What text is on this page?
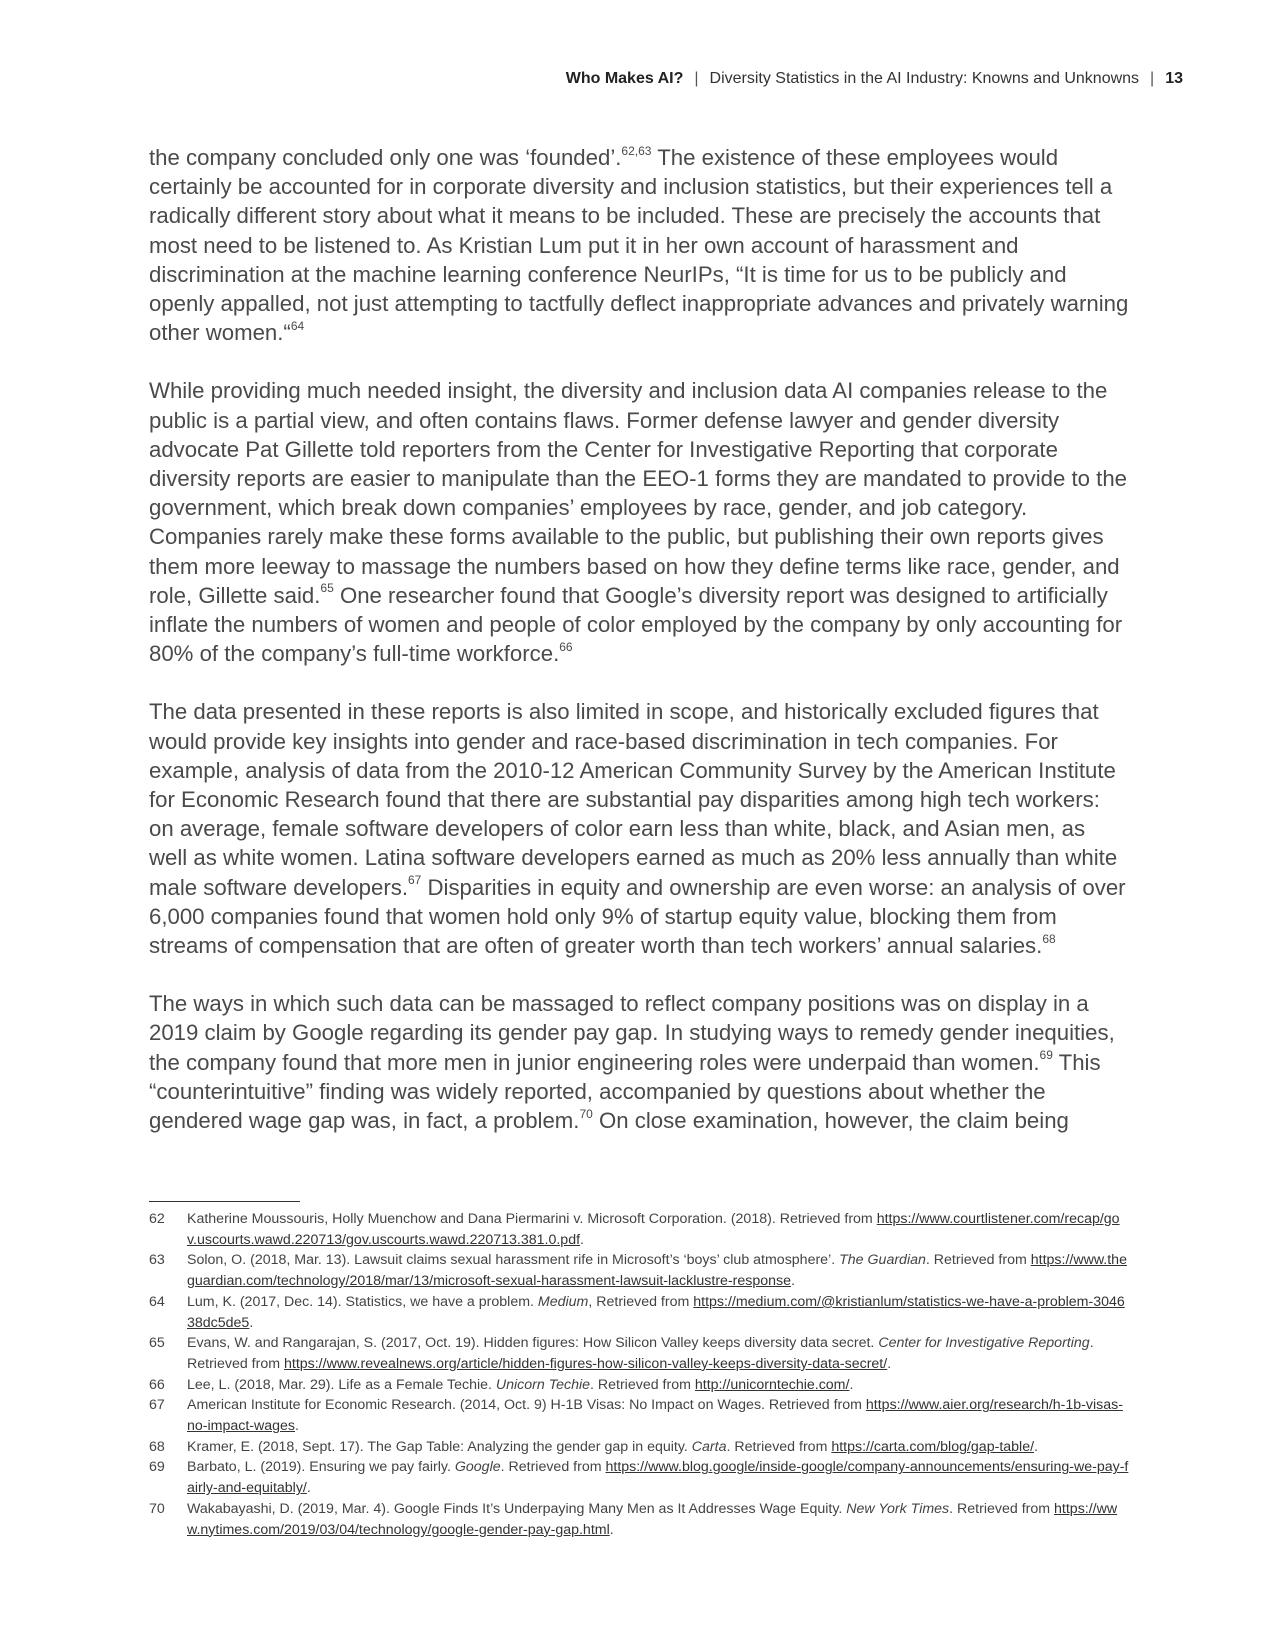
Who Makes AI? | Diversity Statistics in the AI Industry: Knowns and Unknowns | 13

the company concluded only one was ‘founded’.$^{62,63}$ The existence of these employees would certainly be accounted for in corporate diversity and inclusion statistics, but their experiences tell a radically different story about what it means to be included. These are precisely the accounts that most need to be listened to. As Kristian Lum put it in her own account of harassment and discrimination at the machine learning conference NeurIPs, “It is time for us to be publicly and openly appalled, not just attempting to tactfully deflect inappropriate advances and privately warning other women.“$^{64}$

While providing much needed insight, the diversity and inclusion data AI companies release to the public is a partial view, and often contains flaws. Former defense lawyer and gender diversity advocate Pat Gillette told reporters from the Center for Investigative Reporting that corporate diversity reports are easier to manipulate than the EEO-1 forms they are mandated to provide to the government, which break down companies’ employees by race, gender, and job category. Companies rarely make these forms available to the public, but publishing their own reports gives them more leeway to massage the numbers based on how they define terms like race, gender, and role, Gillette said.$^{65}$ One researcher found that Google’s diversity report was designed to artificially inflate the numbers of women and people of color employed by the company by only accounting for 80% of the company’s full-time workforce.$^{66}$

The data presented in these reports is also limited in scope, and historically excluded figures that would provide key insights into gender and race-based discrimination in tech companies. For example, analysis of data from the 2010-12 American Community Survey by the American Institute for Economic Research found that there are substantial pay disparities among high tech workers: on average, female software developers of color earn less than white, black, and Asian men, as well as white women. Latina software developers earned as much as 20% less annually than white male software developers.$^{67}$ Disparities in equity and ownership are even worse: an analysis of over 6,000 companies found that women hold only 9% of startup equity value, blocking them from streams of compensation that are often of greater worth than tech workers’ annual salaries.$^{68}$

The ways in which such data can be massaged to reflect company positions was on display in a 2019 claim by Google regarding its gender pay gap. In studying ways to remedy gender inequities, the company found that more men in junior engineering roles were underpaid than women.$^{69}$ This “counterintuitive” finding was widely reported, accompanied by questions about whether the gendered wage gap was, in fact, a problem.$^{70}$ On close examination, however, the claim being

62	Katherine Moussouris, Holly Muenchow and Dana Piermarini v. Microsoft Corporation. (2018). Retrieved from https://www.courtlistener.com/recap/gov.uscourts.wawd.220713/gov.uscourts.wawd.220713.381.0.pdf.
63	Solon, O. (2018, Mar. 13). Lawsuit claims sexual harassment rife in Microsoft’s ‘boys’ club atmosphere’. The Guardian. Retrieved from https://www.theguardian.com/technology/2018/mar/13/microsoft-sexual-harassment-lawsuit-lacklustre-response.
64	Lum, K. (2017, Dec. 14). Statistics, we have a problem. Medium, Retrieved from https://medium.com/@kristianlum/statistics-we-have-a-problem-304638dc5de5.
65	Evans, W. and Rangarajan, S. (2017, Oct. 19). Hidden figures: How Silicon Valley keeps diversity data secret. Center for Investigative Reporting. Retrieved from https://www.revealnews.org/article/hidden-figures-how-silicon-valley-keeps-diversity-data-secret/.
66	Lee, L. (2018, Mar. 29). Life as a Female Techie. Unicorn Techie. Retrieved from http://unicorntechie.com/.
67	American Institute for Economic Research. (2014, Oct. 9) H-1B Visas: No Impact on Wages. Retrieved from https://www.aier.org/research/h-1b-visas-no-impact-wages.
68	Kramer, E. (2018, Sept. 17). The Gap Table: Analyzing the gender gap in equity. Carta. Retrieved from https://carta.com/blog/gap-table/.
69	Barbato, L. (2019). Ensuring we pay fairly. Google. Retrieved from https://www.blog.google/inside-google/company-announcements/ensuring-we-pay-fairly-and-equitably/.
70	Wakabayashi, D. (2019, Mar. 4). Google Finds It’s Underpaying Many Men as It Addresses Wage Equity. New York Times. Retrieved from https://www.nytimes.com/2019/03/04/technology/google-gender-pay-gap.html.
